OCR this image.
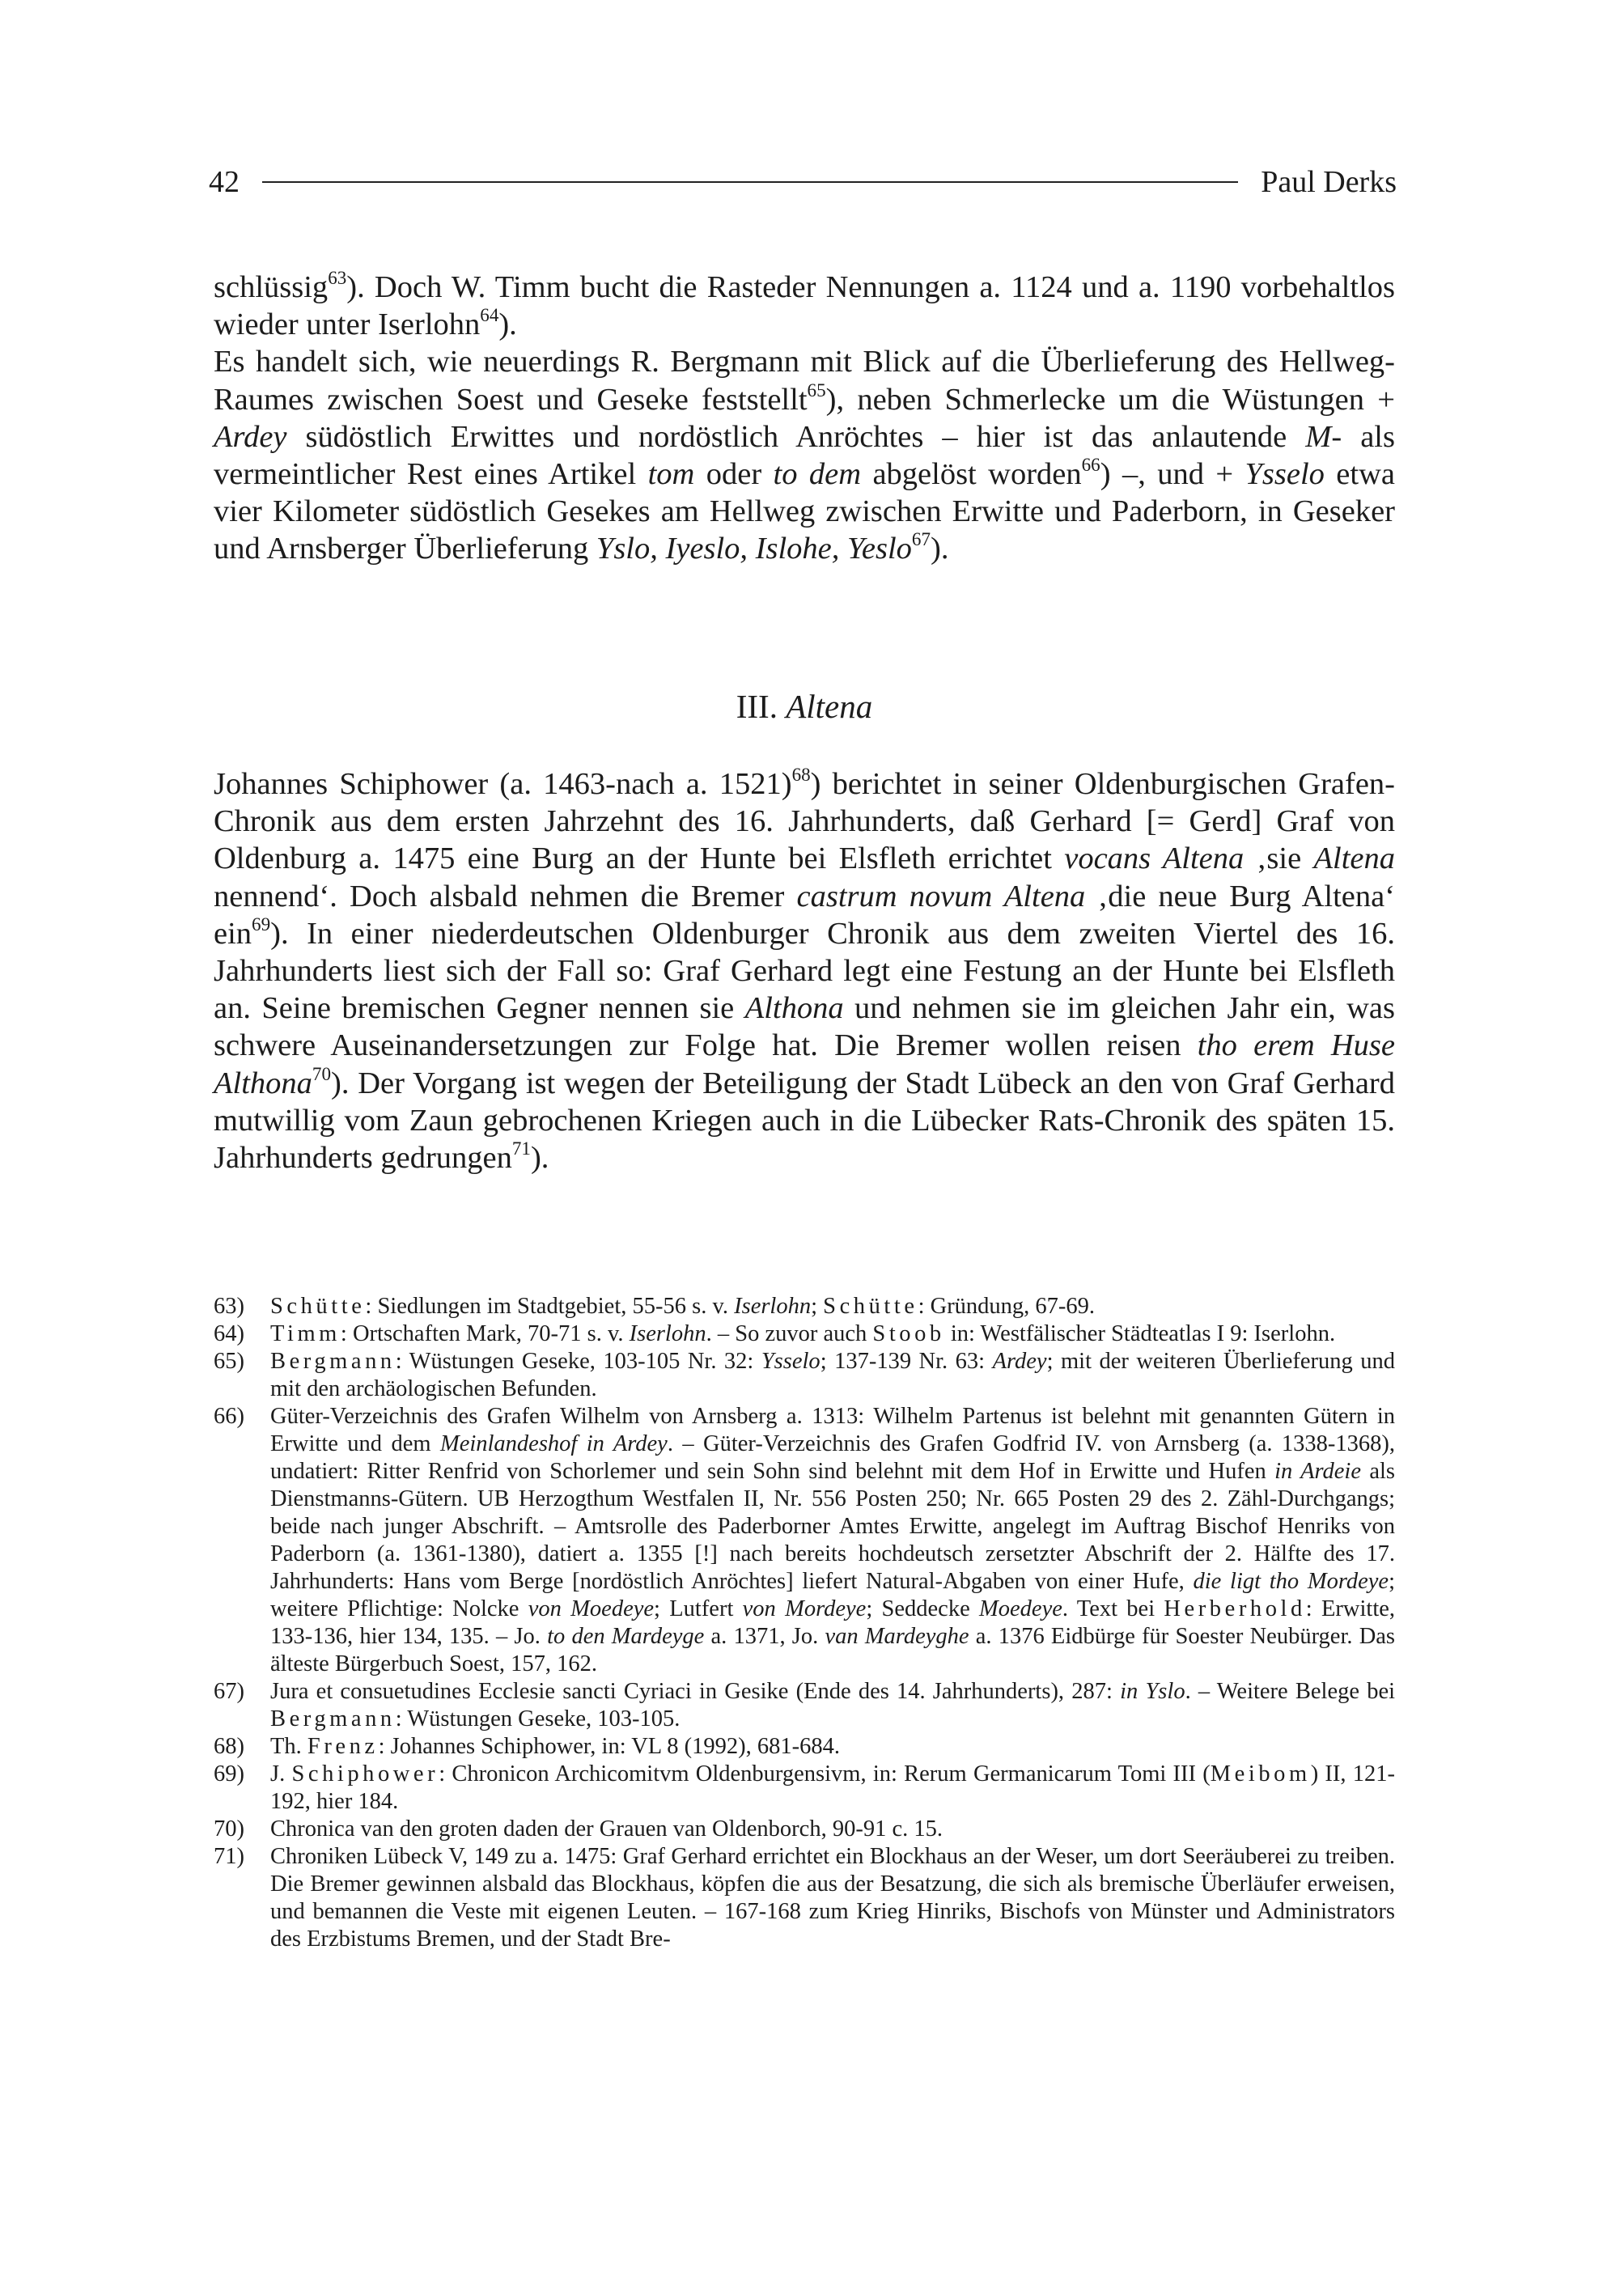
42	Paul Derks

schlüssig$^{63}$). Doch W. Timm bucht die Rasteder Nennungen a. 1124 und a. 1190 vorbehaltlos wieder unter Iserlohn$^{64}$).

Es handelt sich, wie neuerdings R. Bergmann mit Blick auf die Überlieferung des Hellweg-Raumes zwischen Soest und Geseke feststellt$^{65}$), neben Schmerlecke um die Wüstungen + Ardey südöstlich Erwittes und nordöstlich Anröchtes – hier ist das anlautende M- als vermeintlicher Rest eines Artikel tom oder to dem abgelöst worden$^{66}$) –, und + Ysselo etwa vier Kilometer südöstlich Gesekes am Hellweg zwischen Erwitte und Paderborn, in Geseker und Arnsberger Überlieferung Yslo, Iyeslo, Islohe, Yeslo$^{67}$).

III. Altena

Johannes Schiphower (a. 1463-nach a. 1521)$^{68}$) berichtet in seiner Oldenburgischen Grafen-Chronik aus dem ersten Jahrzehnt des 16. Jahrhunderts, daß Gerhard [= Gerd] Graf von Oldenburg a. 1475 eine Burg an der Hunte bei Elsfleth errichtet vocans Altena ‚sie Altena nennend‘. Doch alsbald nehmen die Bremer castrum novum Altena ‚die neue Burg Altena‘ ein$^{69}$). In einer niederdeutschen Oldenburger Chronik aus dem zweiten Viertel des 16. Jahrhunderts liest sich der Fall so: Graf Gerhard legt eine Festung an der Hunte bei Elsfleth an. Seine bremischen Gegner nennen sie Althona und nehmen sie im gleichen Jahr ein, was schwere Auseinandersetzungen zur Folge hat. Die Bremer wollen reisen tho erem Huse Althona$^{70}$). Der Vorgang ist wegen der Beteiligung der Stadt Lübeck an den von Graf Gerhard mutwillig vom Zaun gebrochenen Kriegen auch in die Lübecker Rats-Chronik des späten 15. Jahrhunderts gedrungen$^{71}$).

63)	Schütte: Siedlungen im Stadtgebiet, 55-56 s. v. Iserlohn; Schütte: Gründung, 67-69.
64)	Timm: Ortschaften Mark, 70-71 s. v. Iserlohn. – So zuvor auch Stoob in: Westfälischer Städteatlas I 9: Iserlohn.
65)	Bergmann: Wüstungen Geseke, 103-105 Nr. 32: Ysselo; 137-139 Nr. 63: Ardey; mit der weiteren Überlieferung und mit den archäologischen Befunden.
66)	Güter-Verzeichnis des Grafen Wilhelm von Arnsberg a. 1313: Wilhelm Partenus ist belehnt mit genannten Gütern in Erwitte und dem Meinlandeshof in Ardey. – Güter-Verzeichnis des Grafen Godfrid IV. von Arnsberg (a. 1338-1368), undatiert: Ritter Renfrid von Schorlemer und sein Sohn sind belehnt mit dem Hof in Erwitte und Hufen in Ardeie als Dienstmanns-Gütern. UB Herzogthum Westfalen II, Nr. 556 Posten 250; Nr. 665 Posten 29 des 2. Zähl-Durchgangs; beide nach junger Abschrift. – Amtsrolle des Paderborner Amtes Erwitte, angelegt im Auftrag Bischof Henriks von Paderborn (a. 1361-1380), datiert a. 1355 [!] nach bereits hochdeutsch zersetzter Abschrift der 2. Hälfte des 17. Jahrhunderts: Hans vom Berge [nordöstlich Anröchtes] liefert Natural-Abgaben von einer Hufe, die ligt tho Mordeye; weitere Pflichtige: Nolcke von Moedeye; Lutfert von Mordeye; Seddecke Moedeye. Text bei Herberhold: Erwitte, 133-136, hier 134, 135. – Jo. to den Mardeyge a. 1371, Jo. van Mardeyghe a. 1376 Eidbürge für Soester Neubürger. Das älteste Bürgerbuch Soest, 157, 162.
67)	Jura et consuetudines Ecclesie sancti Cyriaci in Gesike (Ende des 14. Jahrhunderts), 287: in Yslo. – Weitere Belege bei Bergmann: Wüstungen Geseke, 103-105.
68)	Th. Frenz: Johannes Schiphower, in: VL 8 (1992), 681-684.
69)	J. Schiphower: Chronicon Archicomitvm Oldenburgensivm, in: Rerum Germanicarum Tomi III (Meibom) II, 121-192, hier 184.
70)	Chronica van den groten daden der Grauen van Oldenborch, 90-91 c. 15.
71)	Chroniken Lübeck V, 149 zu a. 1475: Graf Gerhard errichtet ein Blockhaus an der Weser, um dort Seeräuberei zu treiben. Die Bremer gewinnen alsbald das Blockhaus, köpfen die aus der Besatzung, die sich als bremische Überläufer erweisen, und bemannen die Veste mit eigenen Leuten. – 167-168 zum Krieg Hinriks, Bischofs von Münster und Administrators des Erzbistums Bremen, und der Stadt Bre-
